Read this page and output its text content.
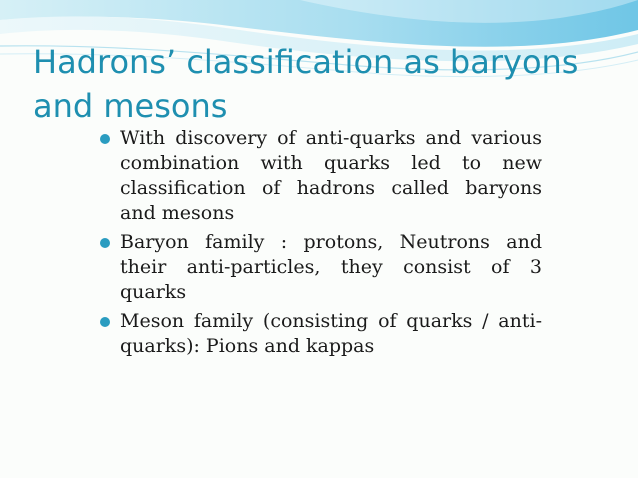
Hadrons’ classification as baryons and mesons
With discovery of anti-quarks and various combination with quarks led to new classification of hadrons called baryons and mesons
Baryon family : protons, Neutrons and their anti-particles, they consist of 3 quarks
Meson family (consisting of quarks / anti-quarks): Pions and kappas
